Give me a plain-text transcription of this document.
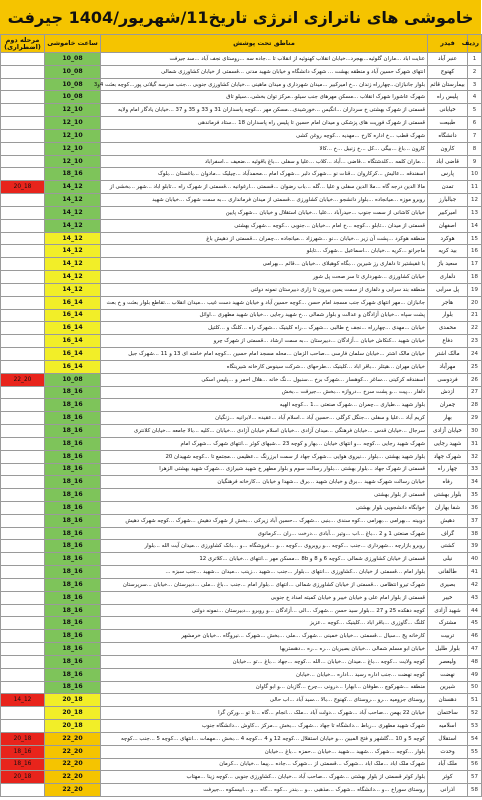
خاموشی های ناترازی انرژی تاریخ11/شهریور/1404 جیرفت
ردیف	فیدر	مناطق تحت پوشش	ساعت خاموشی	مرحله دوم (اضطراری)
1	عنبر آباد	عنایت اباد ...ماران گلوئیه...بهجرد...خیابان انقلاب کهنوئیه از انقلاب تا ...جاده سه ...روستای نجف آباد ...سد جیرفت	08_10	
2	کهنوج	انتهای شهرک حسین آباد و منطقه بهشت ... شهرک دانشگاه و خیابان شهید مدنی ...قسمتی از خیابان کشاورزی شمالی	08_10	
3	بیمارستان قائم	بلوار جانبازان...چهارراه زندان ...خ امیرکبیر ...میدان شهرداری و میدان ماهینی ...خیابان کشاورزی جنوبی ...جنب مدرسه گیلانی پور...کوچه بعثت 4و3	08_10	
4	پلیس راه	شهرک عاشورا شهرک انقلاب ...مسکن مهرهای جنب سیلو...مرکز توان بخشی...سیلو تاق	08_10	
5	خیابانی	قسمتی از شهرک بهشتی خ سرداران ...انگیس ...خورشیدی...مسکن مهر ...کوچه پاسداران 31 و 33 و 35 و 37 ...خیابان یادگار امام ولایه	10_12	
6	طبیعت	قسمتی از شهرک فوریت های پزشکی و میدان امام حسین تا پلیس راه پاسداران 18 ...ستاد فرماندهی	10_12	
7	دانشگاه	شهرک قطب ...خ اداره کارخ ...مهدیه ...کوچه روغن کشی	10_12	
8	کارون	کارون ...باغ ...بیگی ...کل ...خ زنبیل ...خ ...کالا	10_12	
9	قاضی اباد	...ماران کلمه ...کلدشتگاه ...قاضی ...آباد ...کلاب ...علیا و سفلی ...باغ باقوئیه ...ضعیف ...اسفراباد	10_12	
10	پارس	اسفندقه ...عالیش ...کرکاروان ...قنات نو ...شهرک دلبر ...شهرک امام ...محمدآباد ...چیلیک ...مادوان ...باغستان ...بلوک	16_18	
11	تمدن	مالا الدین درجه گاه ...ملا الدین سفلی و علیا ...گله ...باب رضوان ...قسمتی ...ارغوانیه ...قسمتی از شهرک راه ...تابلو اباد ...شهر ...بخشی از	12_14	18_20
12	جبالبارز	روبرو موزه ...میانجاده ...بلوار دانشجو ...خیابان کشاورزی ...قسمتی از میدان فرمانداری ...به سمت شهرک ...خیابان شهید	12_14	
13	امیرکبیر	خیابان کاشانی از سمت جنوب ...حیدرآباد ...علیا ...خیابان استقلال و خیابان ...شهرک پایین	12_14	
14	اصفهان	قسمتی از میدان ...تابلو ...کوچه ...خ امام ...خیابان ...جنوبی ...کوچه ...شهرک بهشتی	12_14	
15	هوکرد	منطقه هوکرد ...پشت آن زیر ...خیابان ...نو ...شهرزاد ...میانجاده ...چمران ...قسمتی از دهیش باغ	12_14	
16	بید کریه	ماجرانو ...کریه ...خیابان ...اسماعیل ...شهرک ...تابلو	12_14	
17	سعید باژ	با غفیشتیر تا دلفاری رز شیرین ...بگاه کوهبلای ...خیابان ...قائم ...بهرامی	12_14	
18	دلفاری	خیابان کشاورزی ...شهرداری تا سر صحت پل شور	12_14	
19	پل سرابی	منطقه بند سرابی و دلفاری از سمت یمین بیرون تا زاری دبیرستان نمونه دولتی	12_14	
20	هاجر	جانبازان ...مهر انتهای شهرک جنب مسجد امام حسن ...کوچه حسین آباد و خیابان شهید دست غیب ...میدان انقلاب ...تقاطع بلوار بعثت و خ بعث	14_16	
21	بلوار	پشت سپاه ...خیابان آزادگان و عدالت و بلوار شمالی ...خ شهید رجایی ...خیابان شهید مطهری ...اوائل	14_16	
22	محمدی	خیابان ...مهدی ...چهارراه ...نجف خ طالبی ...شهرک ...راه کلینیک ...شهرک راه ...کلنگ و ...کلتیل	14_16	
23	دفاع	خیابان شهید ...کنکاش خیابان ...آزادگان ...دبیرستان ...به سمت ارشاد ...قسمتی از شهرک چرو	14_16	
24	مالک اشتر	خیابان مالک اشتر ...خیابان سلمان فارسی ...صاحب الزمان ...محله مسجد امام حسین ...کوچه امام خامنه ای 13 و 11 ...شهرک جبل	14_16	
25	مهرآباد	خیابان مهران ...هیتلر ...باقر اباد ...کلینیک ...طرحهای ...شرکت سینوس کارخانه شیرینگاه	14_16	
26	فردوسی	اسفندقه کرکینی ...ساغر ...کوهسار ...شهرک برخ ...سنبول ...نگ خانه ...هلال احمر و ...پلیس اسکی	08_10	20_22
27	ازدش	دلفار ...پیت ...و پشت سرخ ...دروازه ...بخش ...جیرفت ...بخش	16_18	
28	چمران	بلوار شهید ...طیاری ...چمران ...شهرک صنعتی ...1 ...کوچه الهیه	16_18	
29	بهار	کریم آباد ...علیا و سفلی ...جنگل کرگلی ...حسین آباد ...اسلام آباد ...عقیده ...لابرانیه ...زنگیان	16_18	
30	خیابان آزادی	سرجال ...خیابان قدس ...خیابان فرهنگی ...میدان آزادی ...خیابان اسلام خیابان آزادی ...خیابان ...کلیه ...بالا جامعه ...خیابان کلانتری	16_18	
31	شهید رجایی	شهرک شهید رجایی ...کوچه ...و انتهای خیابان ...بهار و کوچه 23 ...شبهای کوثر ...انتهای شهرک ...شهرک امام	16_18	
32	شهرک جهاد	بلوار شهید بهشتی ...بلوار ...نیروی هوایی ...شهرک جهاد از سمت ابرزرنگ ...عظیمی ...مجتمع تا ...کوچه شهیدان 20	16_18	
33	چهار راه	قسمتی از شهرک جهاد ...بلوار بهشتی ...بلوار رسالت سوم و بلوار مطهر خ شهید شیرازی ...شهرک شهید بهشتی الزهرا	16_18	
34	رفاه	خیابان رسالت شهرک شهید ...برق و خیابان شهید ...برق ...شهدا و خیابان ...کارخانه فرهنگیان	16_18	
35	بلوار بهشتی	قسمتی از بلوار بهشتی	16_18	
36	شفا بهاران	خوابگاه دانشجویی بلوار بهشتی	16_18	
37	دهیش	دوبینه ...بهرامی ...بهرامی ...کوه سندی ...بنبی ...شهرک ...حسین آباد زیرکی ...بخش از شهرک دهیش ...شهرک ...کوچه شهرک دهیش	16_18	
38	گراف	شهرک صنعتی 1 و 2 ...باغ ...اب ...وتیر ...آبادی ...درخت ...ران ...کرمانوی	16_18	
39	کشتی	روبرو بازارچه ...شهرداری ...جنب ...کوچه ...و روبروی ...کوچه ...و ...فروشگاه ...و ...بانک کشاورزی ...میدان آیت الله ...بلوار	16_18	
40	نیلی	قسمتی از خیابان کشاورزی شمالی ...کوچه 6 و 8 و 8b ...مسکن مهر ...انتهای ...خیابان ...کلاتری 12	16_18	
41	طالقانی	بلوار امام ...قسمتی از خیابان ...کشاورزی ...انتهای ...بلوار ...جنب ...شهید ...زینب ...میدان ...شهید ...جنب سبزه ...	16_18	
42	بصیری	شهرک تیرو انتظامی ...قسمتی از خیابان کشاورزی شمالی ...انتهای ...بلوار امام ...جنب ...باغ ...ملی ...دبیرستان ...خیابان ...سرپرستان	16_18	
43	خیبر	قسمتی از بلوار امام علی و خیابان خیبر و خیابان کمیته امداد خ جنوبی	16_18	
44	شهید آزادی	کوچه دهکده 25 و 27 ...بلوار سید حسن ...شهرک ...الی ...آزادگان ...و روبرو ...دبیرستان ...نمونه دولتی	16_18	
45	مشترک	کلنگ ...گاوزری ...باقر اباد ...کلینیک ...کوچه ...عزیز	16_18	
46	تربیت	کارخانه پخ ...سیال ...قسمتی ...خیابان خمینی ...شهرک ...ملی ...بخش ...شهرک ...نیروگاه ...خیابان خرمشهر	16_18	
47	بلوار طلیل	خیابان ابو مسلم شمالی ...خیابان بصیریان ...ره ...ره ...دهستریها	16_18	
48	ولیعصر	کوچه ولایت ...کوچه ...باغ ...میدان ...خیابان ...الله ...کوچه ...جهاد ...باغ ...تو ...خیابان	16_18	
49	نهضت	کوچه نهضت ...جنب اداره رسید ...اداره ...خیابان ...خیابان	16_18	
50	شیرین	منطقه ...شهرکوچ ...طوفان ...ابهارا ...درونی ...چرخ ...گازبان ...و ابو گاوان	16_18	
51	دهستان	روستای جرومیه ...رو ...روستای ...کهنوج ...بالا ...سید آباد ...اب حالی	18_20	12_14
52	ساختمان	خیابان 22 بهمن ...صاحب آباد ...شهرک ...دولت آباد ...ملک ...انجام ...گاه ...تا تو ...ورکن گرا	18_20	
53	اسلامیه	شهرک شهید مطهری ...رباط ...دانشگاه تا جهاد ...شهرک ...بخش ...مرکز ...کاوش ...دانشگاه جنوب	18_20	
54	استقلال	کوچه 5 و 10 ...گلشهر و فتح المبین ...و خیابان استقلال ...کوچه 12 و 4 ...کوچه 4 ...بخش ...مهمات ...انتهای ...کوچه 5 ...جنب ...کوچه	20_22	18_20
55	وحدت	بلوار ...کوچه ...شهرک ...شهید ...شهید ...خیابان ...حمزه ...باغ ...خیابان	20_22	16_18
56	ملک آباد	شهرک ملک اباد ...ملک اباد ...شهرک ...قسمتی از ...شهرک ...جاده ...پیما ...خیابان ...کرمان	20_22	16_18
57	کوثر	بلوار کوثر قسمتی از بلوار بهشتی ...شهرک ...صاحب آباد ...خیابان ...کشاورزی جنوبی ...کوچه زینا ...مهتاب	20_22	18_20
58	اذرانی	روستای سوراخ ...و ...دانشگاه ...شهرک ...مذهبی ...و ...بندر ...کوه ...گاه ...و ...ابیسکوه ...جیرفت	20_22	
